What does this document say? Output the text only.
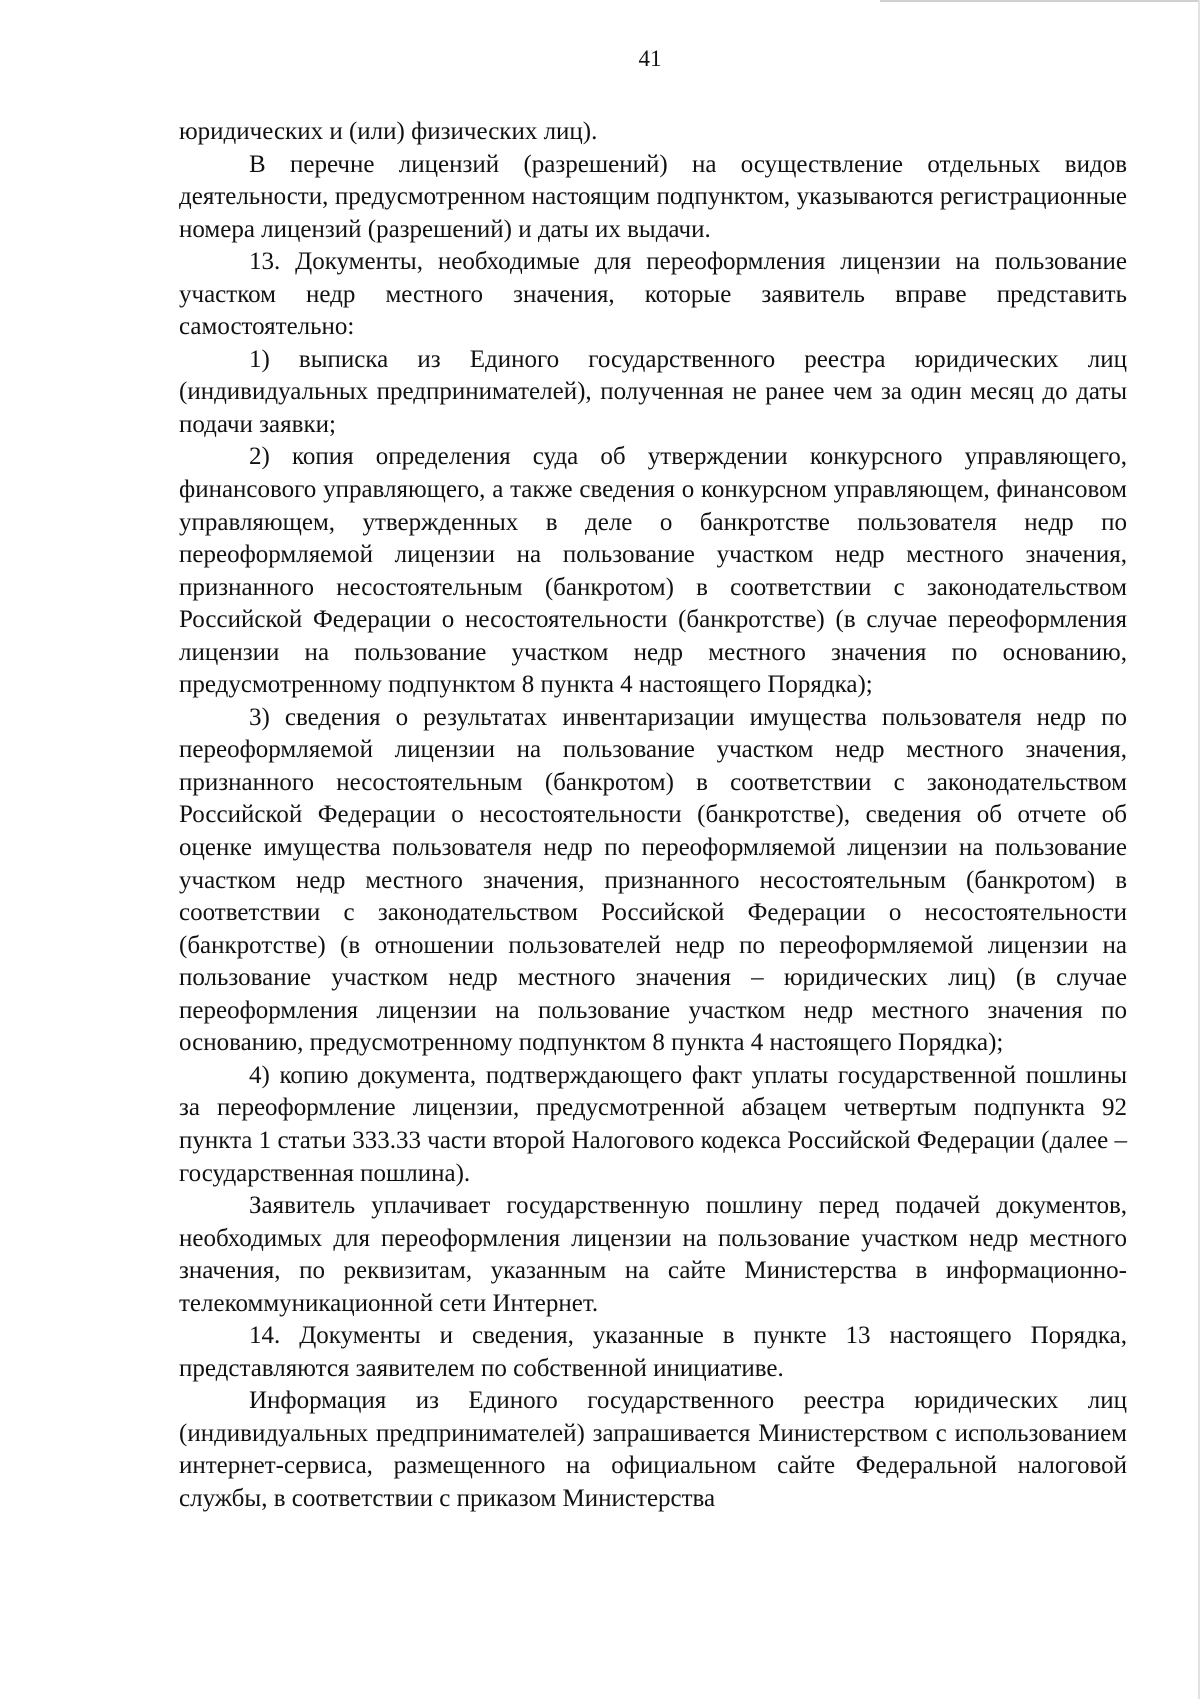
41

юридических и (или) физических лиц).

В перечне лицензий (разрешений) на осуществление отдельных видов деятельности, предусмотренном настоящим подпунктом, указываются регистрационные номера лицензий (разрешений) и даты их выдачи.

13. Документы, необходимые для переоформления лицензии на пользование участком недр местного значения, которые заявитель вправе представить самостоятельно:

1) выписка из Единого государственного реестра юридических лиц (индивидуальных предпринимателей), полученная не ранее чем за один месяц до даты подачи заявки;

2) копия определения суда об утверждении конкурсного управляющего, финансового управляющего, а также сведения о конкурсном управляющем, финансовом управляющем, утвержденных в деле о банкротстве пользователя недр по переоформляемой лицензии на пользование участком недр местного значения, признанного несостоятельным (банкротом) в соответствии с законодательством Российской Федерации о несостоятельности (банкротстве) (в случае переоформления лицензии на пользование участком недр местного значения по основанию, предусмотренному подпунктом 8 пункта 4 настоящего Порядка);

3) сведения о результатах инвентаризации имущества пользователя недр по переоформляемой лицензии на пользование участком недр местного значения, признанного несостоятельным (банкротом) в соответствии с законодательством Российской Федерации о несостоятельности (банкротстве), сведения об отчете об оценке имущества пользователя недр по переоформляемой лицензии на пользование участком недр местного значения, признанного несостоятельным (банкротом) в соответствии с законодательством Российской Федерации о несостоятельности (банкротстве) (в отношении пользователей недр по переоформляемой лицензии на пользование участком недр местного значения – юридических лиц) (в случае переоформления лицензии на пользование участком недр местного значения по основанию, предусмотренному подпунктом 8 пункта 4 настоящего Порядка);

4) копию документа, подтверждающего факт уплаты государственной пошлины за переоформление лицензии, предусмотренной абзацем четвертым подпункта 92 пункта 1 статьи 333.33 части второй Налогового кодекса Российской Федерации (далее – государственная пошлина).

Заявитель уплачивает государственную пошлину перед подачей документов, необходимых для переоформления лицензии на пользование участком недр местного значения, по реквизитам, указанным на сайте Министерства в информационно-телекоммуникационной сети Интернет.

14. Документы и сведения, указанные в пункте 13 настоящего Порядка, представляются заявителем по собственной инициативе.

Информация из Единого государственного реестра юридических лиц (индивидуальных предпринимателей) запрашивается Министерством с использованием интернет-сервиса, размещенного на официальном сайте Федеральной налоговой службы, в соответствии с приказом Министерства
